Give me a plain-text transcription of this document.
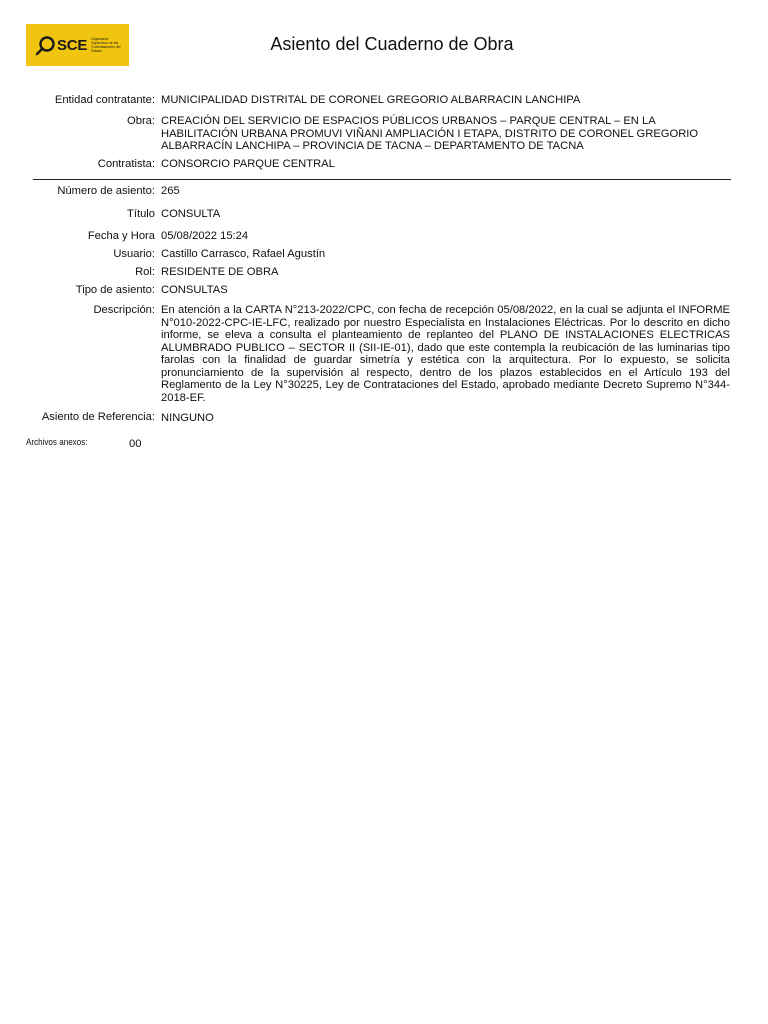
SCE Organismo Supervisor de las Contrataciones del Estado	Asiento del Cuaderno de Obra
Entidad contratante: MUNICIPALIDAD DISTRITAL DE CORONEL GREGORIO ALBARRACIN LANCHIPA
Obra: CREACIÓN DEL SERVICIO DE ESPACIOS PÚBLICOS URBANOS – PARQUE CENTRAL – EN LA HABILITACIÓN URBANA PROMUVI VIÑANI AMPLIACIÓN I ETAPA, DISTRITO DE CORONEL GREGORIO ALBARRACÍN LANCHIPA – PROVINCIA DE TACNA – DEPARTAMENTO DE TACNA
Contratista: CONSORCIO PARQUE CENTRAL
Número de asiento: 265
Título CONSULTA
Fecha y Hora 05/08/2022 15:24
Usuario: Castillo Carrasco, Rafael Agustín
Rol: RESIDENTE DE OBRA
Tipo de asiento: CONSULTAS
Descripción: En atención a la CARTA N°213-2022/CPC, con fecha de recepción 05/08/2022, en la cual se adjunta el INFORME N°010-2022-CPC-IE-LFC, realizado por nuestro Especialista en Instalaciones Eléctricas. Por lo descrito en dicho informe, se eleva a consulta el planteamiento de replanteo del PLANO DE INSTALACIONES ELECTRICAS ALUMBRADO PUBLICO – SECTOR II (SII-IE-01), dado que este contempla la reubicación de las luminarias tipo farolas con la finalidad de guardar simetría y estética con la arquitectura. Por lo expuesto, se solicita pronunciamiento de la supervisión al respecto, dentro de los plazos establecidos en el Artículo 193 del Reglamento de la Ley N°30225, Ley de Contrataciones del Estado, aprobado mediante Decreto Supremo N°344-2018-EF.
Asiento de Referencia: NINGUNO
Archivos anexos:	00
